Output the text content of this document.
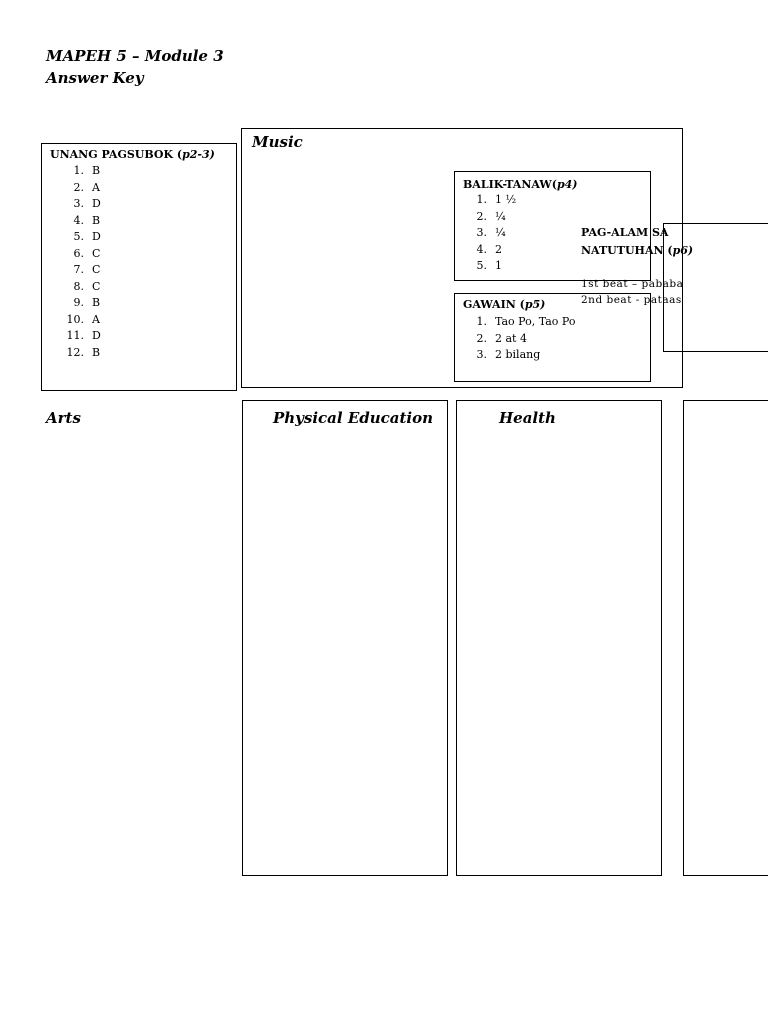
MAPEH 5 – Module 3
Answer Key
UNANG PAGSUBOK (p2-3)
1. B
2. A
3. D
4. B
5. D
6. C
7. C
8. C
9. B
10. A
11. D
12. B
Music
BALIK-TANAW(p4)
1. 1 ½
2. ¼
3. ¼
4. 2
5. 1
GAWAIN (p5)
1. Tao Po, Tao Po
2. 2 at 4
3. 2 bilang
PAG-ALAM SA
NATUTUHAN (p6)
1st beat – pababa
2nd beat - pataas
Arts	Physical Education	Health
